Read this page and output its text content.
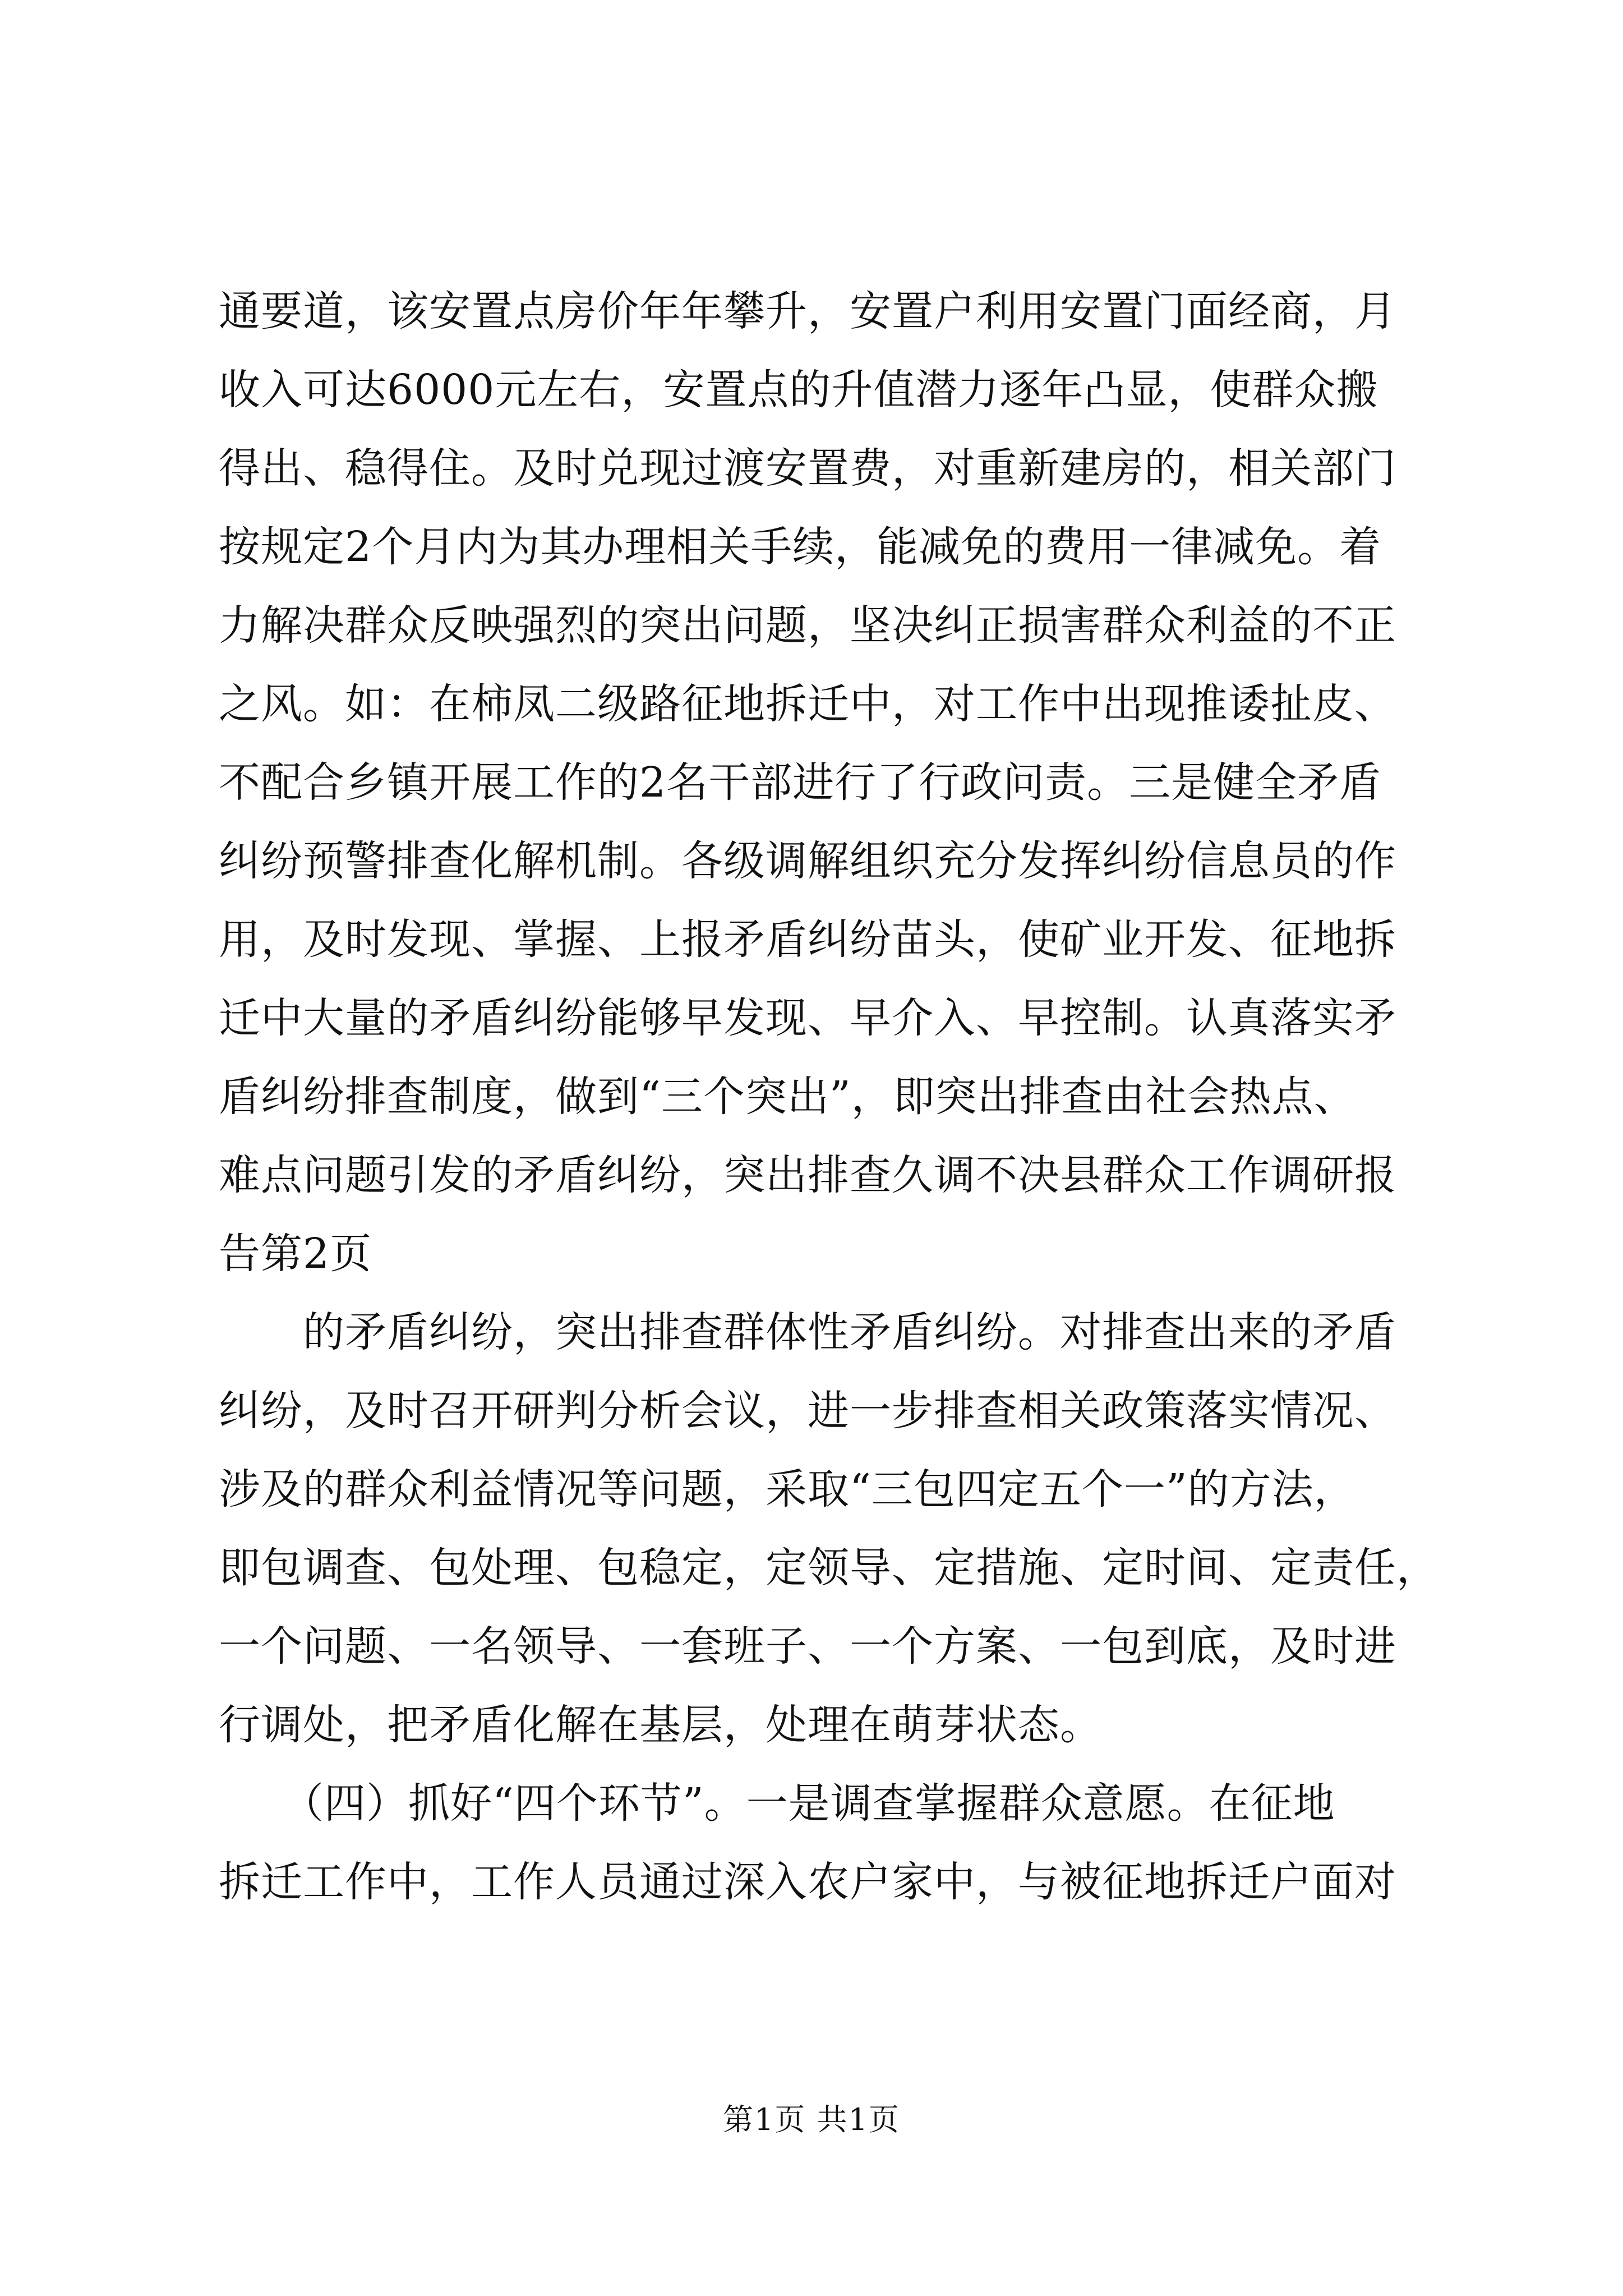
通要道，该安置点房价年年攀升，安置户利用安置门面经商，月
收入可达6000元左右，安置点的升值潜力逐年凸显，使群众搬
得出、稳得住。及时兑现过渡安置费，对重新建房的，相关部门
按规定2个月内为其办理相关手续，能减免的费用一律减免。着
力解决群众反映强烈的突出问题，坚决纠正损害群众利益的不正
之风。如：在柿凤二级路征地拆迁中，对工作中出现推诿扯皮、
不配合乡镇开展工作的2名干部进行了行政问责。三是健全矛盾
纠纷预警排查化解机制。各级调解组织充分发挥纠纷信息员的作
用，及时发现、掌握、上报矛盾纠纷苗头，使矿业开发、征地拆
迁中大量的矛盾纠纷能够早发现、早介入、早控制。认真落实矛
盾纠纷排查制度，做到“三个突出”，即突出排查由社会热点、
难点问题引发的矛盾纠纷，突出排查久调不决县群众工作调研报
告第2页
　　的矛盾纠纷，突出排查群体性矛盾纠纷。对排查出来的矛盾
纠纷，及时召开研判分析会议，进一步排查相关政策落实情况、
涉及的群众利益情况等问题，采取“三包四定五个一”的方法，
即包调查、包处理、包稳定，定领导、定措施、定时间、定责任，
一个问题、一名领导、一套班子、一个方案、一包到底，及时进
行调处，把矛盾化解在基层，处理在萌芽状态。
　　（四）抓好“四个环节”。一是调查掌握群众意愿。在征地
拆迁工作中，工作人员通过深入农户家中，与被征地拆迁户面对
第1页 共1页
